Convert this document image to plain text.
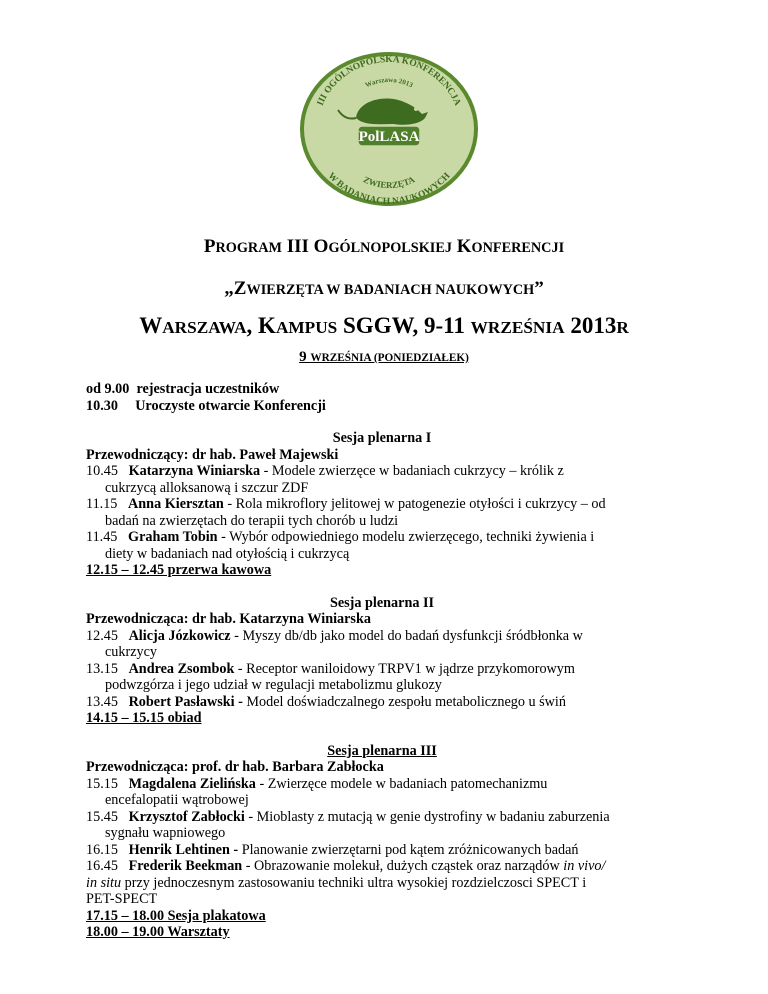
PolLASA
III OGÓLNOPOLSKA KONFERENCJA
Warszawa 2013
W BADANIACH NAUKOWYCH
ZWIERZĘTA
PROGRAM III OGÓLNOPOLSKIEJ KONFERENCJI
„ZWIERZĘTA W BADANIACH NAUKOWYCH”
WARSZAWA, KAMPUS SGGW, 9-11 WRZEŚNIA 2013R
9 WRZEŚNIA (PONIEDZIAŁEK)
od 9.00 rejestracja uczestników
10.30 Uroczyste otwarcie Konferencji
Sesja plenarna I
Przewodniczący: dr hab. Paweł Majewski
10.45 Katarzyna Winiarska - Modele zwierzęce w badaniach cukrzycy – królik z
cukrzycą alloksanową i szczur ZDF
11.15 Anna Kiersztan - Rola mikroflory jelitowej w patogenezie otyłości i cukrzycy – od
badań na zwierzętach do terapii tych chorób u ludzi
11.45 Graham Tobin - Wybór odpowiedniego modelu zwierzęcego, techniki żywienia i
diety w badaniach nad otyłością i cukrzycą
12.15 – 12.45 przerwa kawowa
Sesja plenarna II
Przewodnicząca: dr hab. Katarzyna Winiarska
12.45 Alicja Józkowicz - Myszy db/db jako model do badań dysfunkcji śródbłonka w
cukrzycy
13.15 Andrea Zsombok - Receptor waniloidowy TRPV1 w jądrze przykomorowym
podwzgórza i jego udział w regulacji metabolizmu glukozy
13.45 Robert Pasławski - Model doświadczalnego zespołu metabolicznego u świń
14.15 – 15.15 obiad
Sesja plenarna III
Przewodnicząca: prof. dr hab. Barbara Zabłocka
15.15 Magdalena Zielińska - Zwierzęce modele w badaniach patomechanizmu
encefalopatii wątrobowej
15.45 Krzysztof Zabłocki - Mioblasty z mutacją w genie dystrofiny w badaniu zaburzenia
sygnału wapniowego
16.15 Henrik Lehtinen - Planowanie zwierzętarni pod kątem zróżnicowanych badań
16.45 Frederik Beekman - Obrazowanie molekuł, dużych cząstek oraz narządów in vivo/
in situ przy jednoczesnym zastosowaniu techniki ultra wysokiej rozdzielczosci SPECT i
PET-SPECT
17.15 – 18.00 Sesja plakatowa
18.00 – 19.00 Warsztaty
